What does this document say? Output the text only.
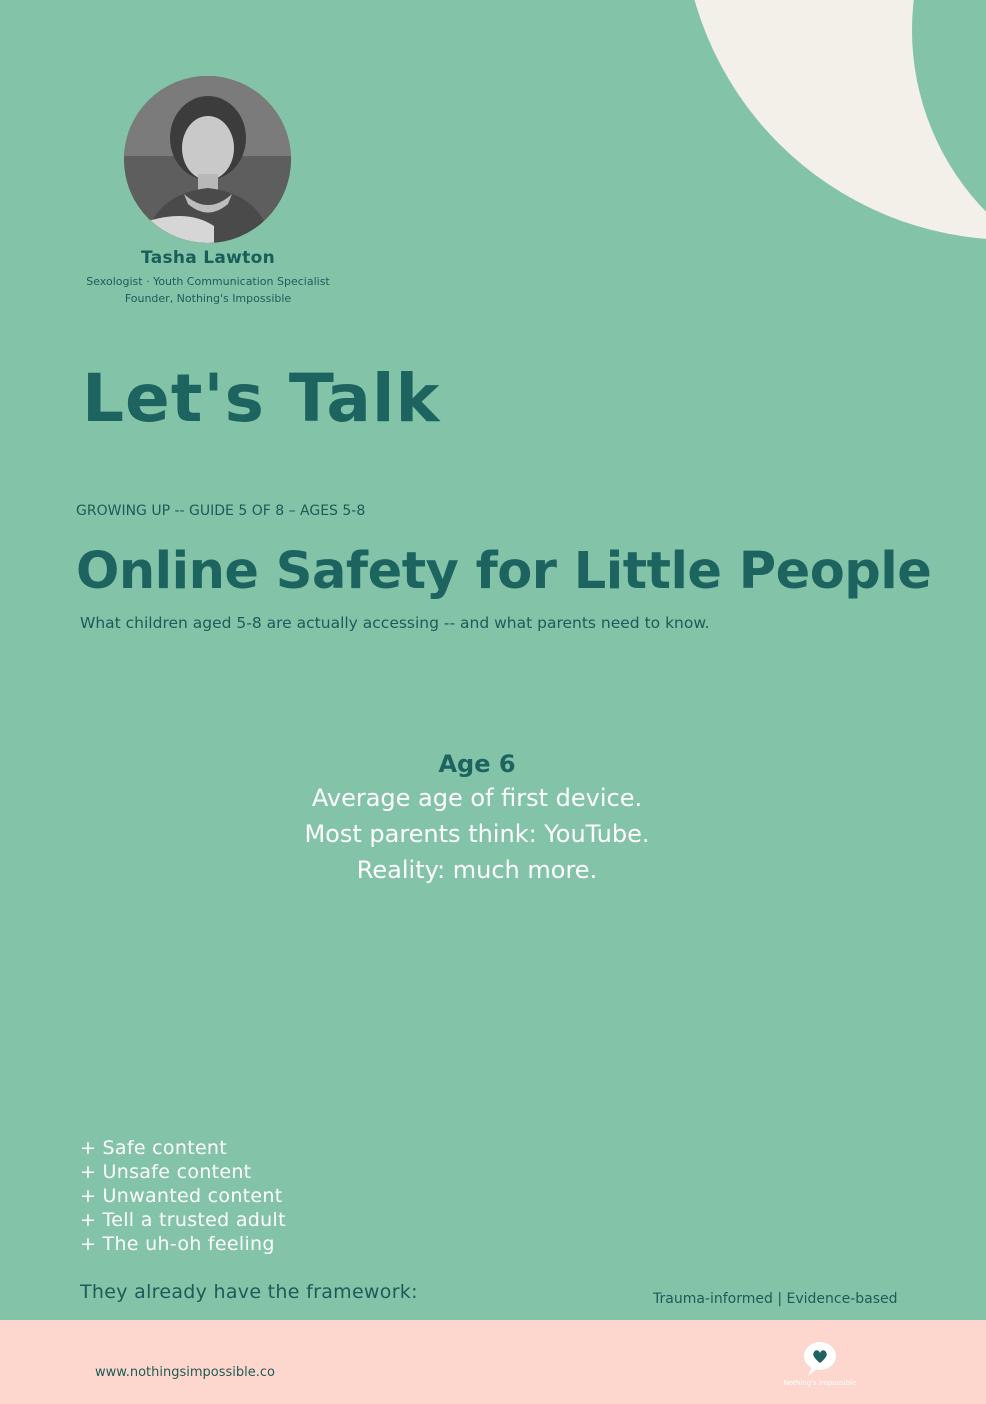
Tasha Lawton
Sexologist · Youth Communication Specialist
Founder, Nothing's Impossible
Let's Talk
GROWING UP -- GUIDE 5 OF 8 – AGES 5-8
Online Safety for Little People
What children aged 5-8 are actually accessing -- and what parents need to know.
Age 6
Average age of first device.
Most parents think: YouTube.
Reality: much more.
+ Safe content
+ Unsafe content
+ Unwanted content
+ Tell a trusted adult
+ The uh-oh feeling
They already have the framework:	Trauma-informed | Evidence-based
www.nothingsimpossible.co
Nothing's Impossible
